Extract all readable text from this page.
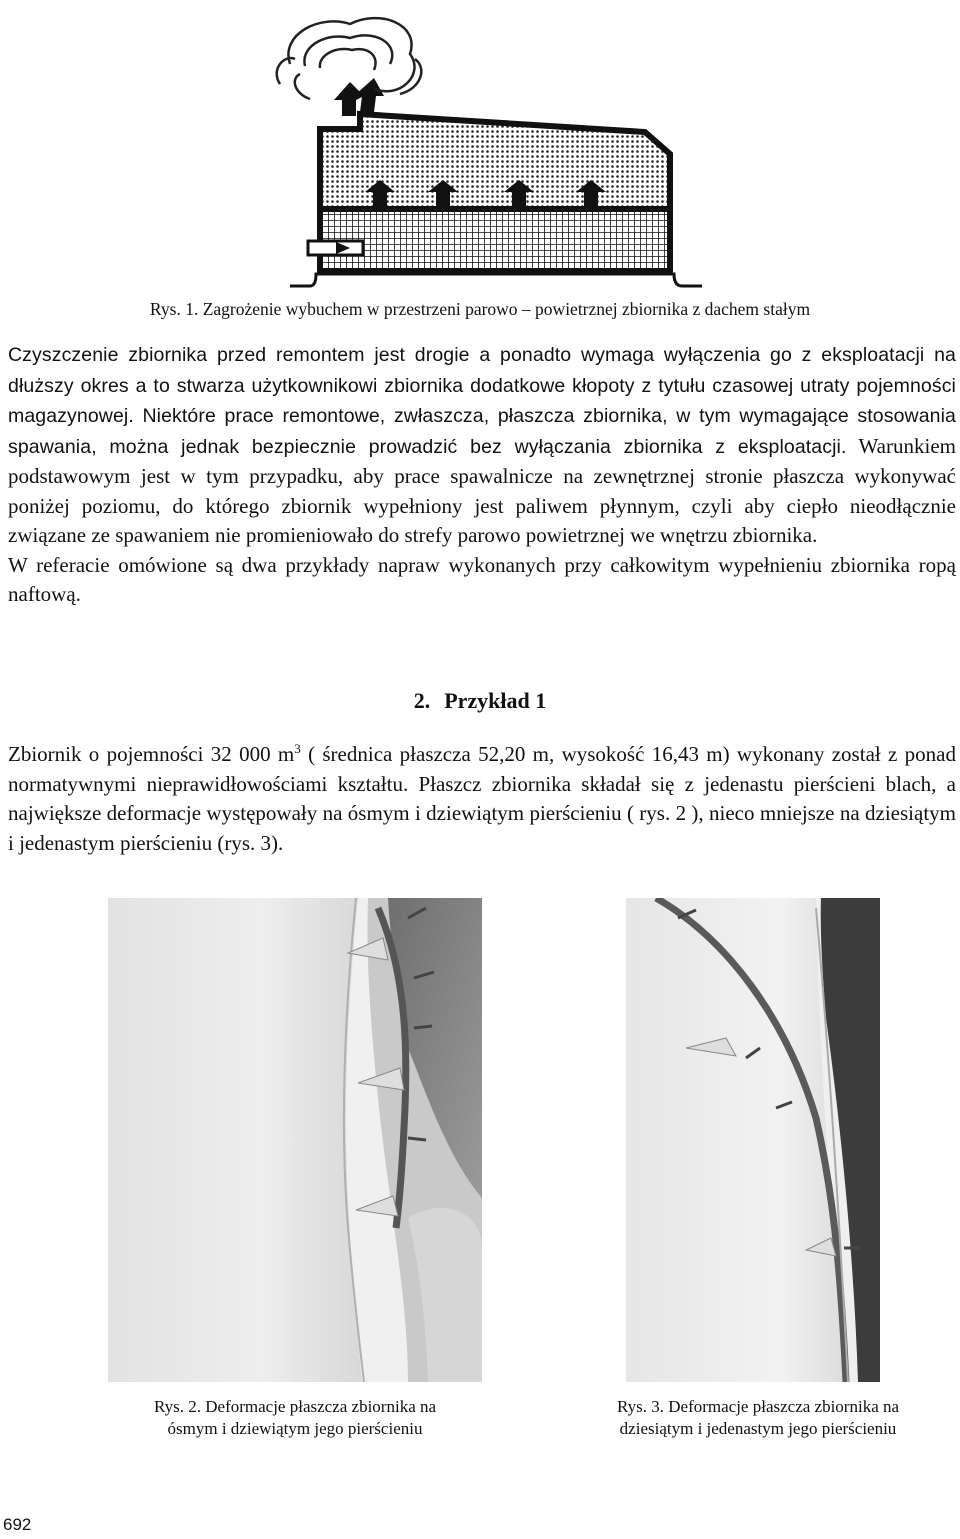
Rys. 1. Zagrożenie wybuchem w przestrzeni parowo – powietrznej zbiornika z dachem stałym

Czyszczenie zbiornika przed remontem jest drogie a ponadto wymaga wyłączenia go z eksploatacji na dłuższy okres a to stwarza użytkownikowi zbiornika dodatkowe kłopoty z tytułu czasowej utraty pojemności magazynowej. Niektóre prace remontowe, zwłaszcza, płaszcza zbiornika, w tym wymagające stosowania spawania, można jednak bezpiecznie prowadzić bez wyłączania zbiornika z eksploatacji. Warunkiem podstawowym jest w tym przypadku, aby prace spawalnicze na zewnętrznej stronie płaszcza wykonywać poniżej poziomu, do którego zbiornik wypełniony jest paliwem płynnym, czyli aby ciepło nieodłącznie związane ze spawaniem nie promieniowało do strefy parowo powietrznej we wnętrzu zbiornika.

W referacie omówione są dwa przykłady napraw wykonanych przy całkowitym wypełnieniu zbiornika ropą naftową.

2. Przykład 1

Zbiornik o pojemności 32 000 $m^3$ ( średnica płaszcza 52,20 m, wysokość 16,43 m) wykonany został z ponad normatywnymi nieprawidłowościami kształtu. Płaszcz zbiornika składał się z jedenastu pierścieni blach, a największe deformacje występowały na ósmym i dziewiątym pierścieniu ( rys. 2 ), nieco mniejsze na dziesiątym i jedenastym pierścieniu (rys. 3).

Rys. 2. Deformacje płaszcza zbiornika na
ósmym i dziewiątym jego pierścieniu
Rys. 3. Deformacje płaszcza zbiornika na
dziesiątym i jedenastym jego pierścieniu
692
